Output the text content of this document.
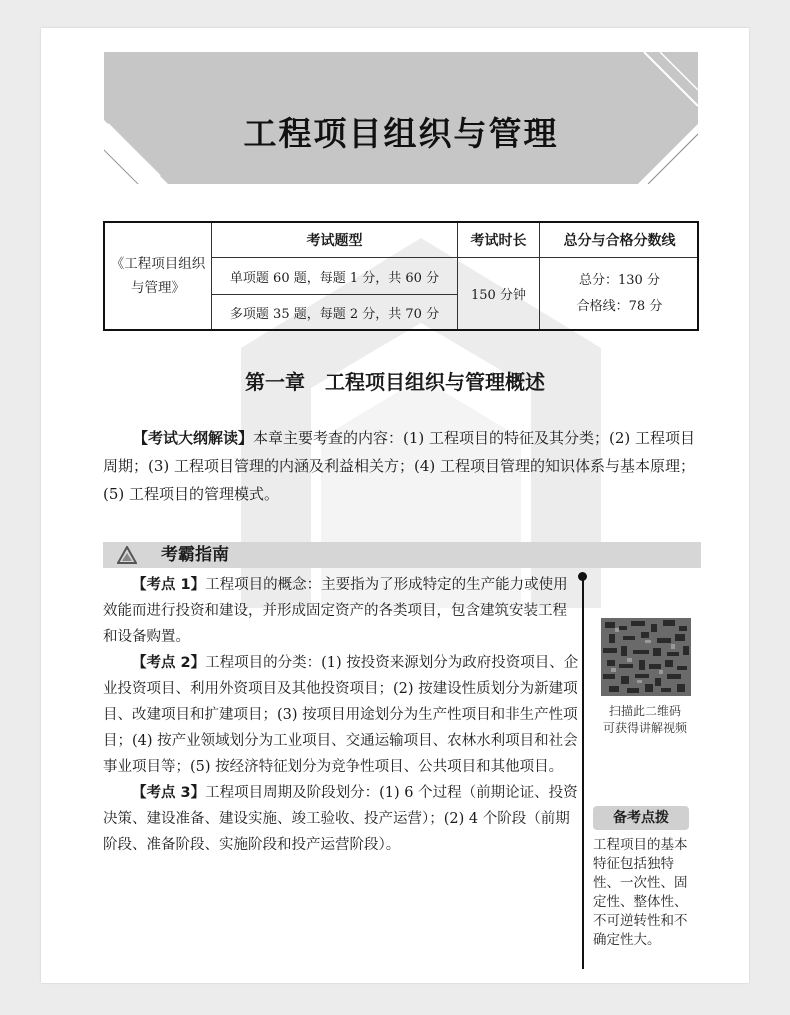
工程项目组织与管理
《工程项目组织与管理》
考试题型	考试时长	总分与合格分数线
单项题 60 题，每题 1 分，共 60 分
多项题 35 题，每题 2 分，共 70 分
150 分钟
总分：130 分
合格线：78 分
第一章　工程项目组织与管理概述
【考试大纲解读】本章主要考查的内容：(1) 工程项目的特征及其分类；(2) 工程项目周期；(3) 工程项目管理的内涵及利益相关方；(4) 工程项目管理的知识体系与基本原理；(5) 工程项目的管理模式。
考霸指南

【考点 1】工程项目的概念：主要指为了形成特定的生产能力或使用效能而进行投资和建设，并形成固定资产的各类项目，包含建筑安装工程和设备购置。

【考点 2】工程项目的分类：(1) 按投资来源划分为政府投资项目、企业投资项目、利用外资项目及其他投资项目；(2) 按建设性质划分为新建项目、改建项目和扩建项目；(3) 按项目用途划分为生产性项目和非生产性项目；(4) 按产业领域划分为工业项目、交通运输项目、农林水利项目和社会事业项目等；(5) 按经济特征划分为竞争性项目、公共项目和其他项目。

【考点 3】工程项目周期及阶段划分：(1) 6 个过程（前期论证、投资决策、建设准备、建设实施、竣工验收、投产运营）；(2) 4 个阶段（前期阶段、准备阶段、实施阶段和投产运营阶段）。

扫描此二维码
可获得讲解视频
备考点拨
工程项目的基本特征包括独特性、一次性、固定性、整体性、不可逆转性和不确定性大。
